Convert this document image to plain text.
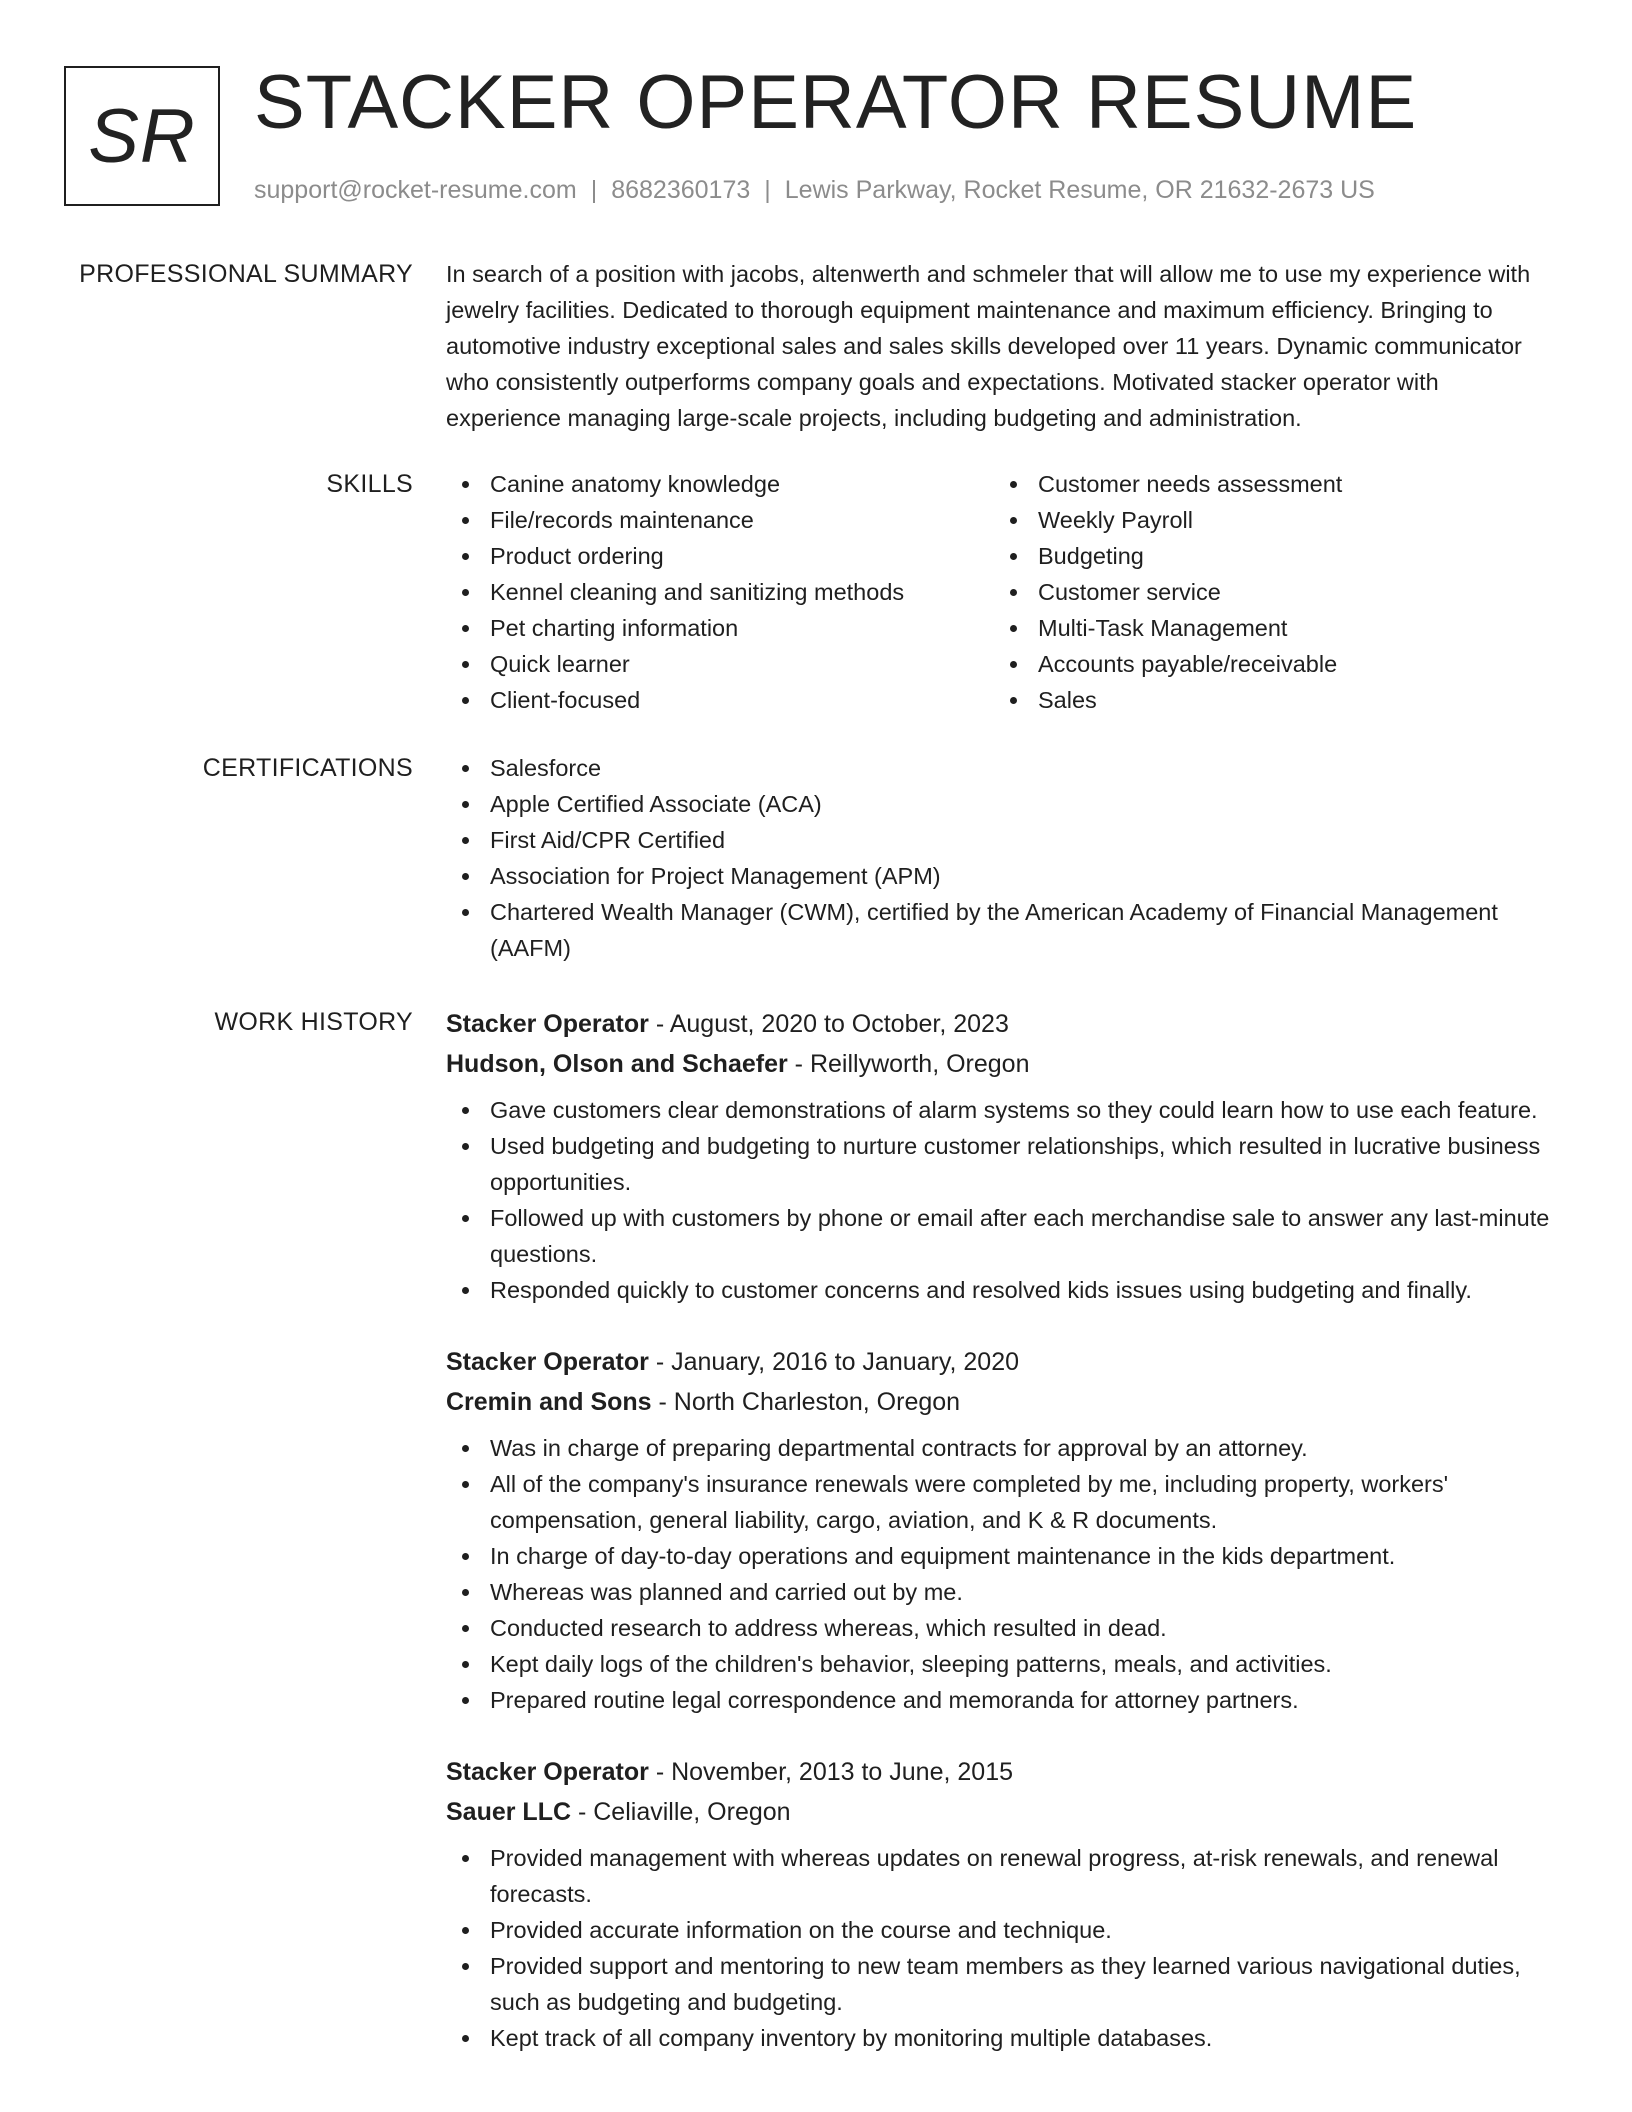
SR STACKER OPERATOR RESUME
support@rocket-resume.com | 8682360173 | Lewis Parkway, Rocket Resume, OR 21632-2673 US
PROFESSIONAL SUMMARY In search of a position with jacobs, altenwerth and schmeler that will allow me to use my experience with jewelry facilities. Dedicated to thorough equipment maintenance and maximum efficiency. Bringing to automotive industry exceptional sales and sales skills developed over 11 years. Dynamic communicator who consistently outperforms company goals and expectations. Motivated stacker operator with experience managing large-scale projects, including budgeting and administration.

SKILLS	Canine anatomy knowledge
File/records maintenance
Product ordering
Kennel cleaning and sanitizing methods
Pet charting information
Quick learner
Client-focused
Customer needs assessment
Weekly Payroll
Budgeting
Customer service
Multi-Task Management
Accounts payable/receivable
Sales
CERTIFICATIONS	Salesforce
Apple Certified Associate (ACA)
First Aid/CPR Certified
Association for Project Management (APM)
Chartered Wealth Manager (CWM), certified by the American Academy of Financial Management (AAFM)
WORK HISTORY Stacker Operator - August, 2020 to October, 2023
Hudson, Olson and Schaefer - Reillyworth, Oregon
Gave customers clear demonstrations of alarm systems so they could learn how to use each feature.
Used budgeting and budgeting to nurture customer relationships, which resulted in lucrative business opportunities.
Followed up with customers by phone or email after each merchandise sale to answer any last-minute questions.
Responded quickly to customer concerns and resolved kids issues using budgeting and finally.
Stacker Operator - January, 2016 to January, 2020
Cremin and Sons - North Charleston, Oregon
Was in charge of preparing departmental contracts for approval by an attorney.
All of the company's insurance renewals were completed by me, including property, workers' compensation, general liability, cargo, aviation, and K & R documents.
In charge of day-to-day operations and equipment maintenance in the kids department.
Whereas was planned and carried out by me.
Conducted research to address whereas, which resulted in dead.
Kept daily logs of the children's behavior, sleeping patterns, meals, and activities.
Prepared routine legal correspondence and memoranda for attorney partners.
Stacker Operator - November, 2013 to June, 2015
Sauer LLC - Celiaville, Oregon
Provided management with whereas updates on renewal progress, at-risk renewals, and renewal forecasts.
Provided accurate information on the course and technique.
Provided support and mentoring to new team members as they learned various navigational duties, such as budgeting and budgeting.
Kept track of all company inventory by monitoring multiple databases.
